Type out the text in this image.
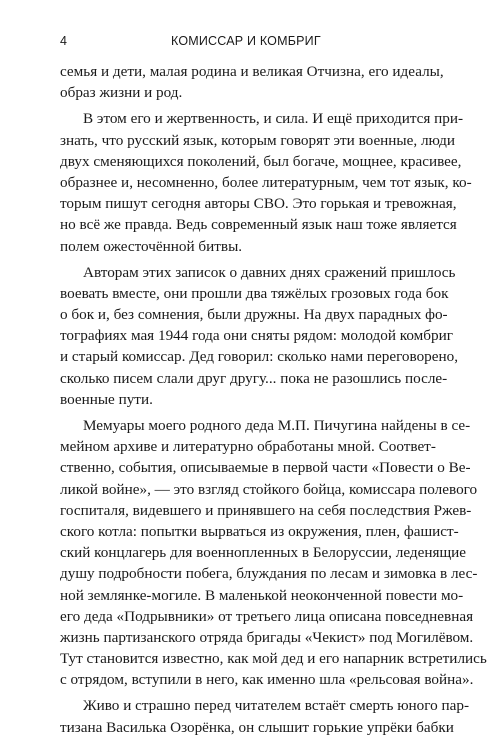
4	КОМИССАР И КОМБРИГ
семья и дети, малая родина и великая Отчизна, его идеалы,
образ жизни и род.
В этом его и жертвенность, и сила. И ещё приходится при-
знать, что русский язык, которым говорят эти военные, люди
двух сменяющихся поколений, был богаче, мощнее, красивее,
образнее и, несомненно, более литературным, чем тот язык, ко-
торым пишут сегодня авторы СВО. Это горькая и тревожная,
но всё же правда. Ведь современный язык наш тоже является
полем ожесточённой битвы.
Авторам этих записок о давних днях сражений пришлось
воевать вместе, они прошли два тяжёлых грозовых года бок
о бок и, без сомнения, были дружны. На двух парадных фо-
тографиях мая 1944 года они сняты рядом: молодой комбриг
и старый комиссар. Дед говорил: сколько нами переговорено,
сколько писем слали друг другу... пока не разошлись после-
военные пути.
Мемуары моего родного деда М.П. Пичугина найдены в се-
мейном архиве и литературно обработаны мной. Соответ-
ственно, события, описываемые в первой части «Повести о Ве-
ликой войне», — это взгляд стойкого бойца, комиссара полевого
госпиталя, видевшего и принявшего на себя последствия Ржев-
ского котла: попытки вырваться из окружения, плен, фашист-
ский концлагерь для военнопленных в Белоруссии, леденящие
душу подробности побега, блуждания по лесам и зимовка в лес-
ной землянке-могиле. В маленькой неоконченной повести мо-
его деда «Подрывники» от третьего лица описана повседневная
жизнь партизанского отряда бригады «Чекист» под Могилёвом.
Тут становится известно, как мой дед и его напарник встретились
с отрядом, вступили в него, как именно шла «рельсовая война».
Живо и страшно перед читателем встаёт смерть юного пар-
тизана Василька Озорёнка, он слышит горькие упрёки бабки
